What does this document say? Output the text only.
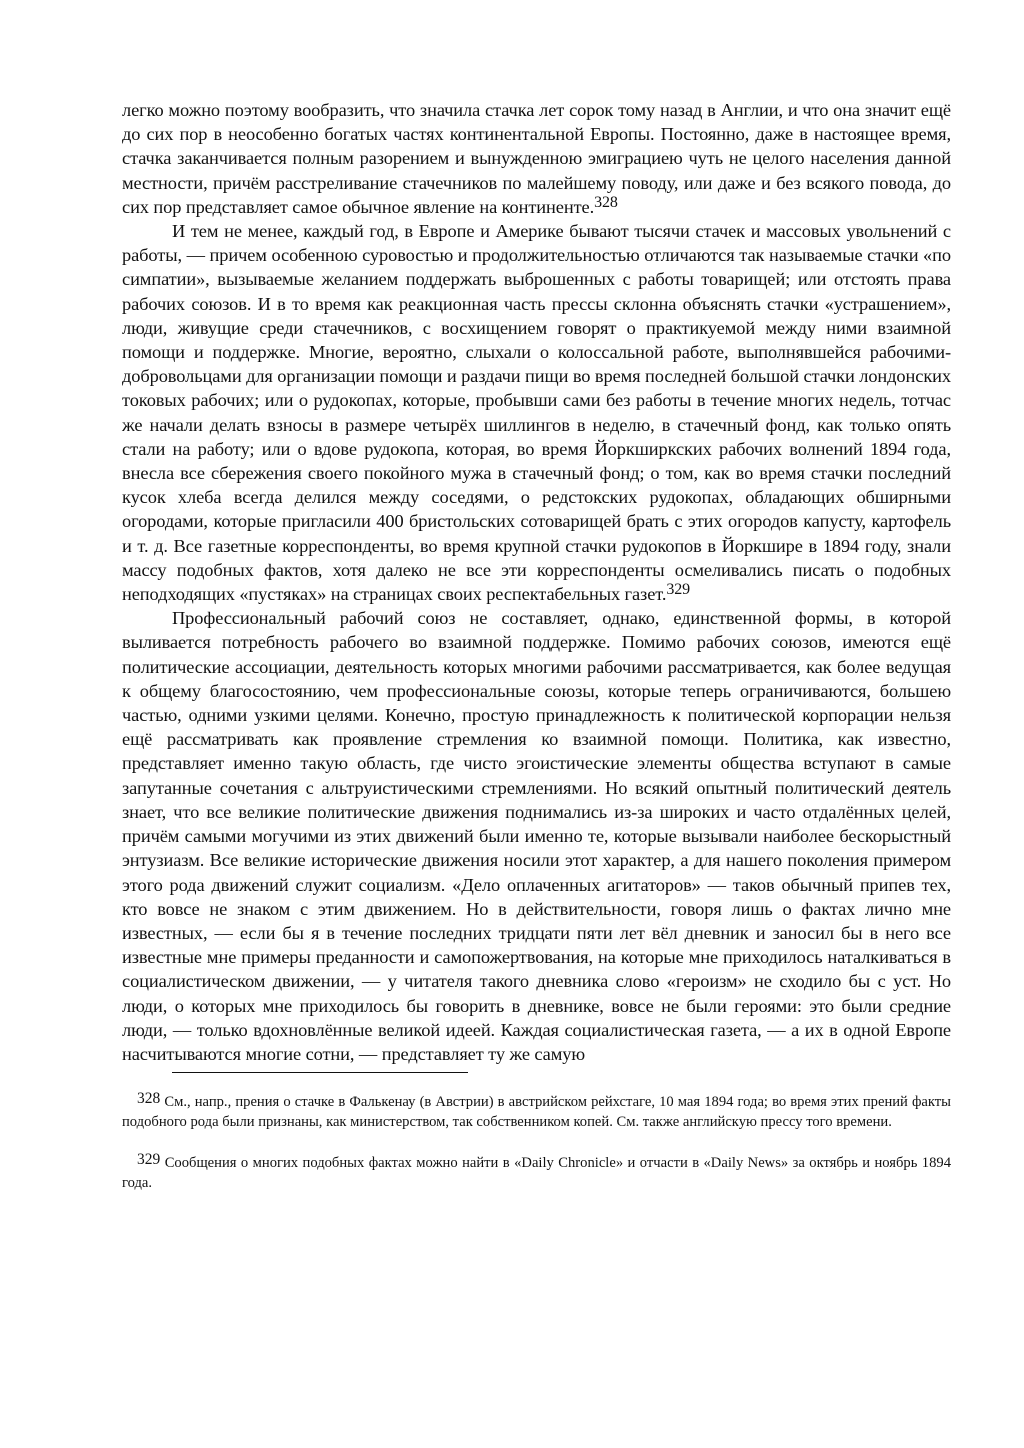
легко можно поэтому вообразить, что значила стачка лет сорок тому назад в Англии, и что она значит ещё до сих пор в неособенно богатых частях континентальной Европы. Постоянно, даже в настоящее время, стачка заканчивается полным разорением и вынужденною эмиграциею чуть не целого населения данной местности, причём расстреливание стачечников по малейшему поводу, или даже и без всякого повода, до сих пор представляет самое обычное явление на континенте.$^{328}$

И тем не менее, каждый год, в Европе и Америке бывают тысячи стачек и массовых увольнений с работы, — причем особенною суровостью и продолжительностью отличаются так называемые стачки «по симпатии», вызываемые желанием поддержать выброшенных с работы товарищей; или отстоять права рабочих союзов. И в то время как реакционная часть прессы склонна объяснять стачки «устрашением», люди, живущие среди стачечников, с восхищением говорят о практикуемой между ними взаимной помощи и поддержке. Многие, вероятно, слыхали о колоссальной работе, выполнявшейся рабочими-добровольцами для организации помощи и раздачи пищи во время последней большой стачки лондонских токовых рабочих; или о рудокопах, которые, пробывши сами без работы в течение многих недель, тотчас же начали делать взносы в размере четырёх шиллингов в неделю, в стачечный фонд, как только опять стали на работу; или о вдове рудокопа, которая, во время Йоркширкских рабочих волнений 1894 года, внесла все сбережения своего покойного мужа в стачечный фонд; о том, как во время стачки последний кусок хлеба всегда делился между соседями, о редстокских рудокопах, обладающих обширными огородами, которые пригласили 400 бристольских сотоварищей брать с этих огородов капусту, картофель и т. д. Все газетные корреспонденты, во время крупной стачки рудокопов в Йоркшире в 1894 году, знали массу подобных фактов, хотя далеко не все эти корреспонденты осмеливались писать о подобных неподходящих «пустяках» на страницах своих респектабельных газет.$^{329}$

Профессиональный рабочий союз не составляет, однако, единственной формы, в которой выливается потребность рабочего во взаимной поддержке. Помимо рабочих союзов, имеются ещё политические ассоциации, деятельность которых многими рабочими рассматривается, как более ведущая к общему благосостоянию, чем профессиональные союзы, которые теперь ограничиваются, большею частью, одними узкими целями. Конечно, простую принадлежность к политической корпорации нельзя ещё рассматривать как проявление стремления ко взаимной помощи. Политика, как известно, представляет именно такую область, где чисто эгоистические элементы общества вступают в самые запутанные сочетания с альтруистическими стремлениями. Но всякий опытный политический деятель знает, что все великие политические движения поднимались из-за широких и часто отдалённых целей, причём самыми могучими из этих движений были именно те, которые вызывали наиболее бескорыстный энтузиазм. Все великие исторические движения носили этот характер, а для нашего поколения примером этого рода движений служит социализм. «Дело оплаченных агитаторов» — таков обычный припев тех, кто вовсе не знаком с этим движением. Но в действительности, говоря лишь о фактах лично мне известных, — если бы я в течение последних тридцати пяти лет вёл дневник и заносил бы в него все известные мне примеры преданности и самопожертвования, на которые мне приходилось наталкиваться в социалистическом движении, — у читателя такого дневника слово «героизм» не сходило бы с уст. Но люди, о которых мне приходилось бы говорить в дневнике, вовсе не были героями: это были средние люди, — только вдохновлённые великой идеей. Каждая социалистическая газета, — а их в одной Европе насчитываются многие сотни, — представляет ту же самую

328 См., напр., прения о стачке в Фалькенау (в Австрии) в австрийском рейхстаге, 10 мая 1894 года; во время этих прений факты подобного рода были признаны, как министерством, так собственником копей. См. также английскую прессу того времени.

329 Сообщения о многих подобных фактах можно найти в «Daily Chronicle» и отчасти в «Daily News» за октябрь и ноябрь 1894 года.
